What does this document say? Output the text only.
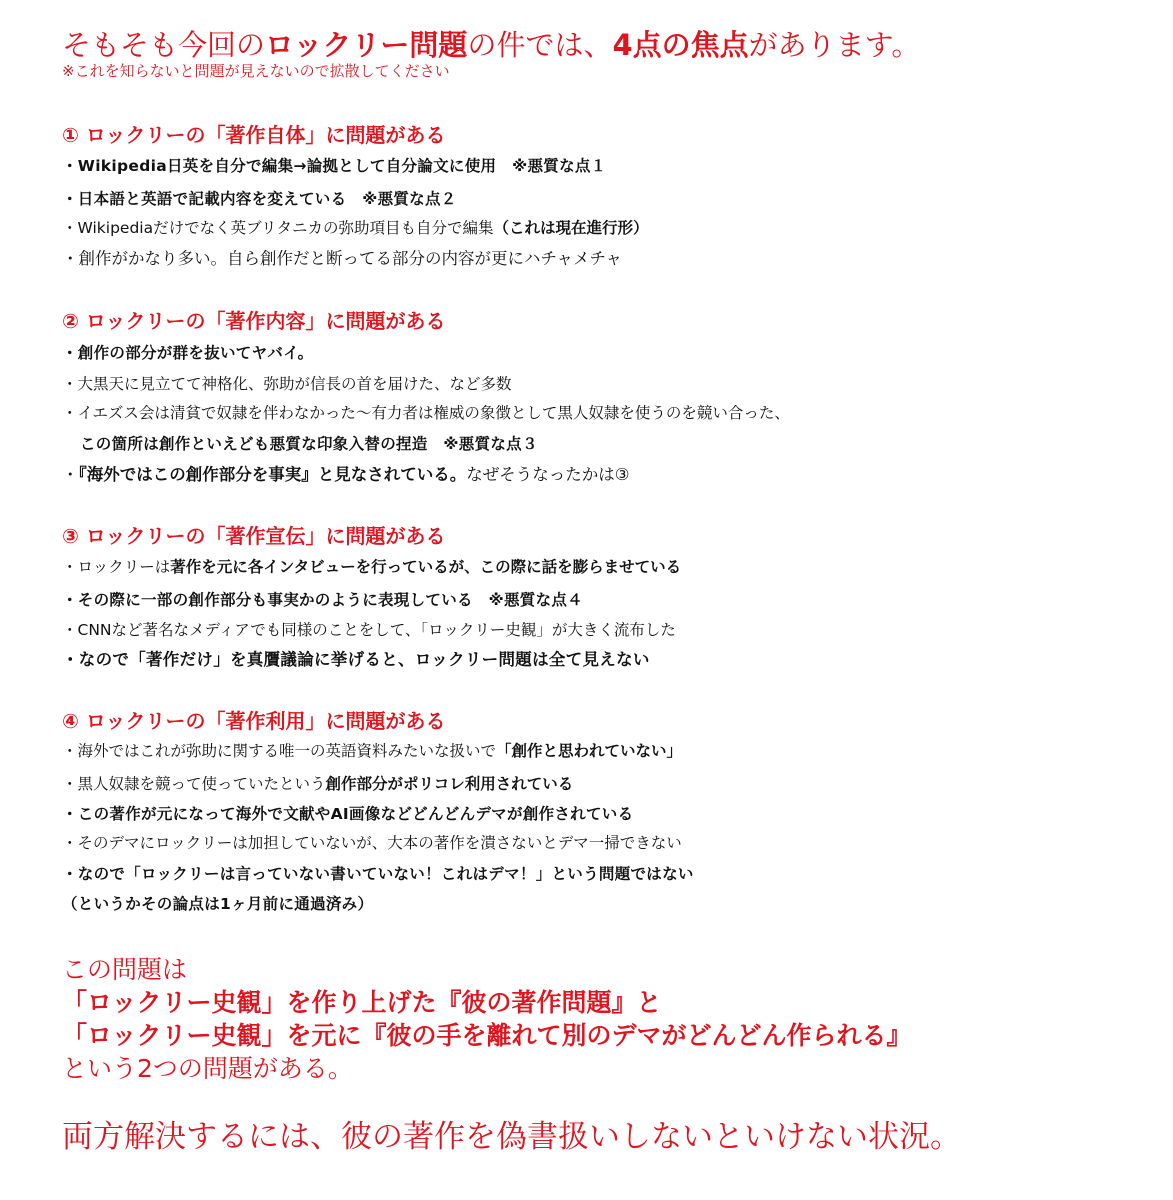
そもそも今回のロックリー問題の件では、4点の焦点があります。
※これを知らないと問題が見えないので拡散してください
① ロックリーの「著作自体」に問題がある
・Wikipedia日英を自分で編集→論拠として自分論文に使用　※悪質な点１
・日本語と英語で記載内容を変えている　※悪質な点２
・Wikipediaだけでなく英ブリタニカの弥助項目も自分で編集（これは現在進行形）
・創作がかなり多い。自ら創作だと断ってる部分の内容が更にハチャメチャ
② ロックリーの「著作内容」に問題がある
・創作の部分が群を抜いてヤバイ。
・大黒天に見立てて神格化、弥助が信長の首を届けた、など多数
・イエズス会は清貧で奴隷を伴わなかった～有力者は権威の象徴として黒人奴隷を使うのを競い合った、
この箇所は創作といえども悪質な印象入替の捏造　※悪質な点３
・『海外ではこの創作部分を事実』と見なされている。なぜそうなったかは③
③ ロックリーの「著作宣伝」に問題がある
・ロックリーは著作を元に各インタビューを行っているが、この際に話を膨らませている
・その際に一部の創作部分も事実かのように表現している　※悪質な点４
・CNNなど著名なメディアでも同様のことをして、「ロックリー史観」が大きく流布した
・なので「著作だけ」を真贋議論に挙げると、ロックリー問題は全て見えない
④ ロックリーの「著作利用」に問題がある
・海外ではこれが弥助に関する唯一の英語資料みたいな扱いで「創作と思われていない」
・黒人奴隷を競って使っていたという創作部分がポリコレ利用されている
・この著作が元になって海外で文献やAI画像などどんどんデマが創作されている
・そのデマにロックリーは加担していないが、大本の著作を潰さないとデマ一掃できない
・なので「ロックリーは言っていない書いていない！これはデマ！」という問題ではない
（というかその論点は1ヶ月前に通過済み）
この問題は
「ロックリー史観」を作り上げた『彼の著作問題』と
「ロックリー史観」を元に『彼の手を離れて別のデマがどんどん作られる』
という2つの問題がある。
両方解決するには、彼の著作を偽書扱いしないといけない状況。
